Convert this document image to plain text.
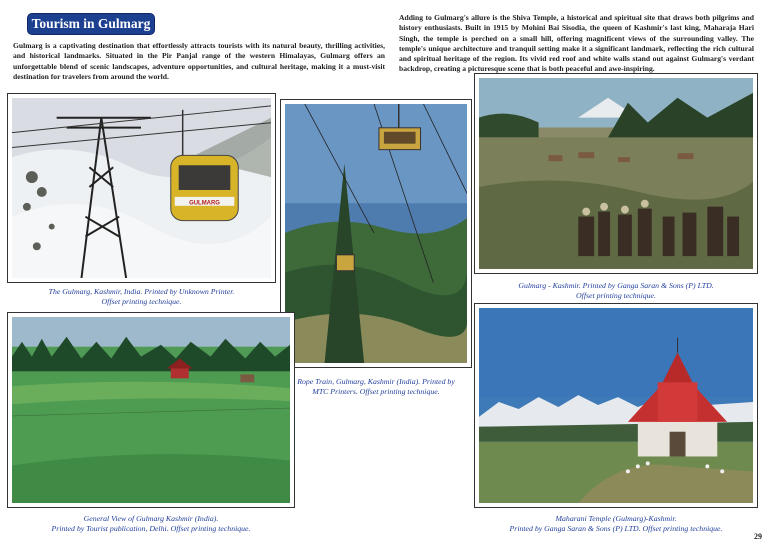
Tourism in Gulmarg

Gulmarg is a captivating destination that effortlessly attracts tourists with its natural beauty, thrilling activities, and historical landmarks. Situated in the Pir Panjal range of the western Himalayas, Gulmarg offers an unforgettable blend of scenic landscapes, adventure opportunities, and cultural heritage, making it a must-visit destination for travelers from around the world.

Adding to Gulmarg's allure is the Shiva Temple, a historical and spiritual site that draws both pilgrims and history enthusiasts. Built in 1915 by Mohini Bai Sisodia, the queen of Kashmir's last king, Maharaja Hari Singh, the temple is perched on a small hill, offering magnificent views of the surrounding valley. The temple's unique architecture and tranquil setting make it a significant landmark, reflecting the rich cultural and spiritual heritage of the region. Its vivid red roof and white walls stand out against Gulmarg's verdant backdrop, creating a picturesque scene that is both peaceful and awe-inspiring.

GULMARG

The Gulmarg, Kashmir, India. Printed by Unknown Printer.
Offset printing technique.

Rope Train, Gulmarg, Kashmir (India). Printed by
MTC Printers. Offset printing technique.

Gulmarg - Kashmir. Printed by Ganga Saran & Sons (P) LTD.
Offset printing technique.

General View of Gulmarg Kashmir (India).
Printed by Tourist publication, Delhi. Offset printing technique.

Maharani Temple (Gulmarg)-Kashmir.
Printed by Ganga Saran & Sons (P) LTD. Offset printing technique.

29
